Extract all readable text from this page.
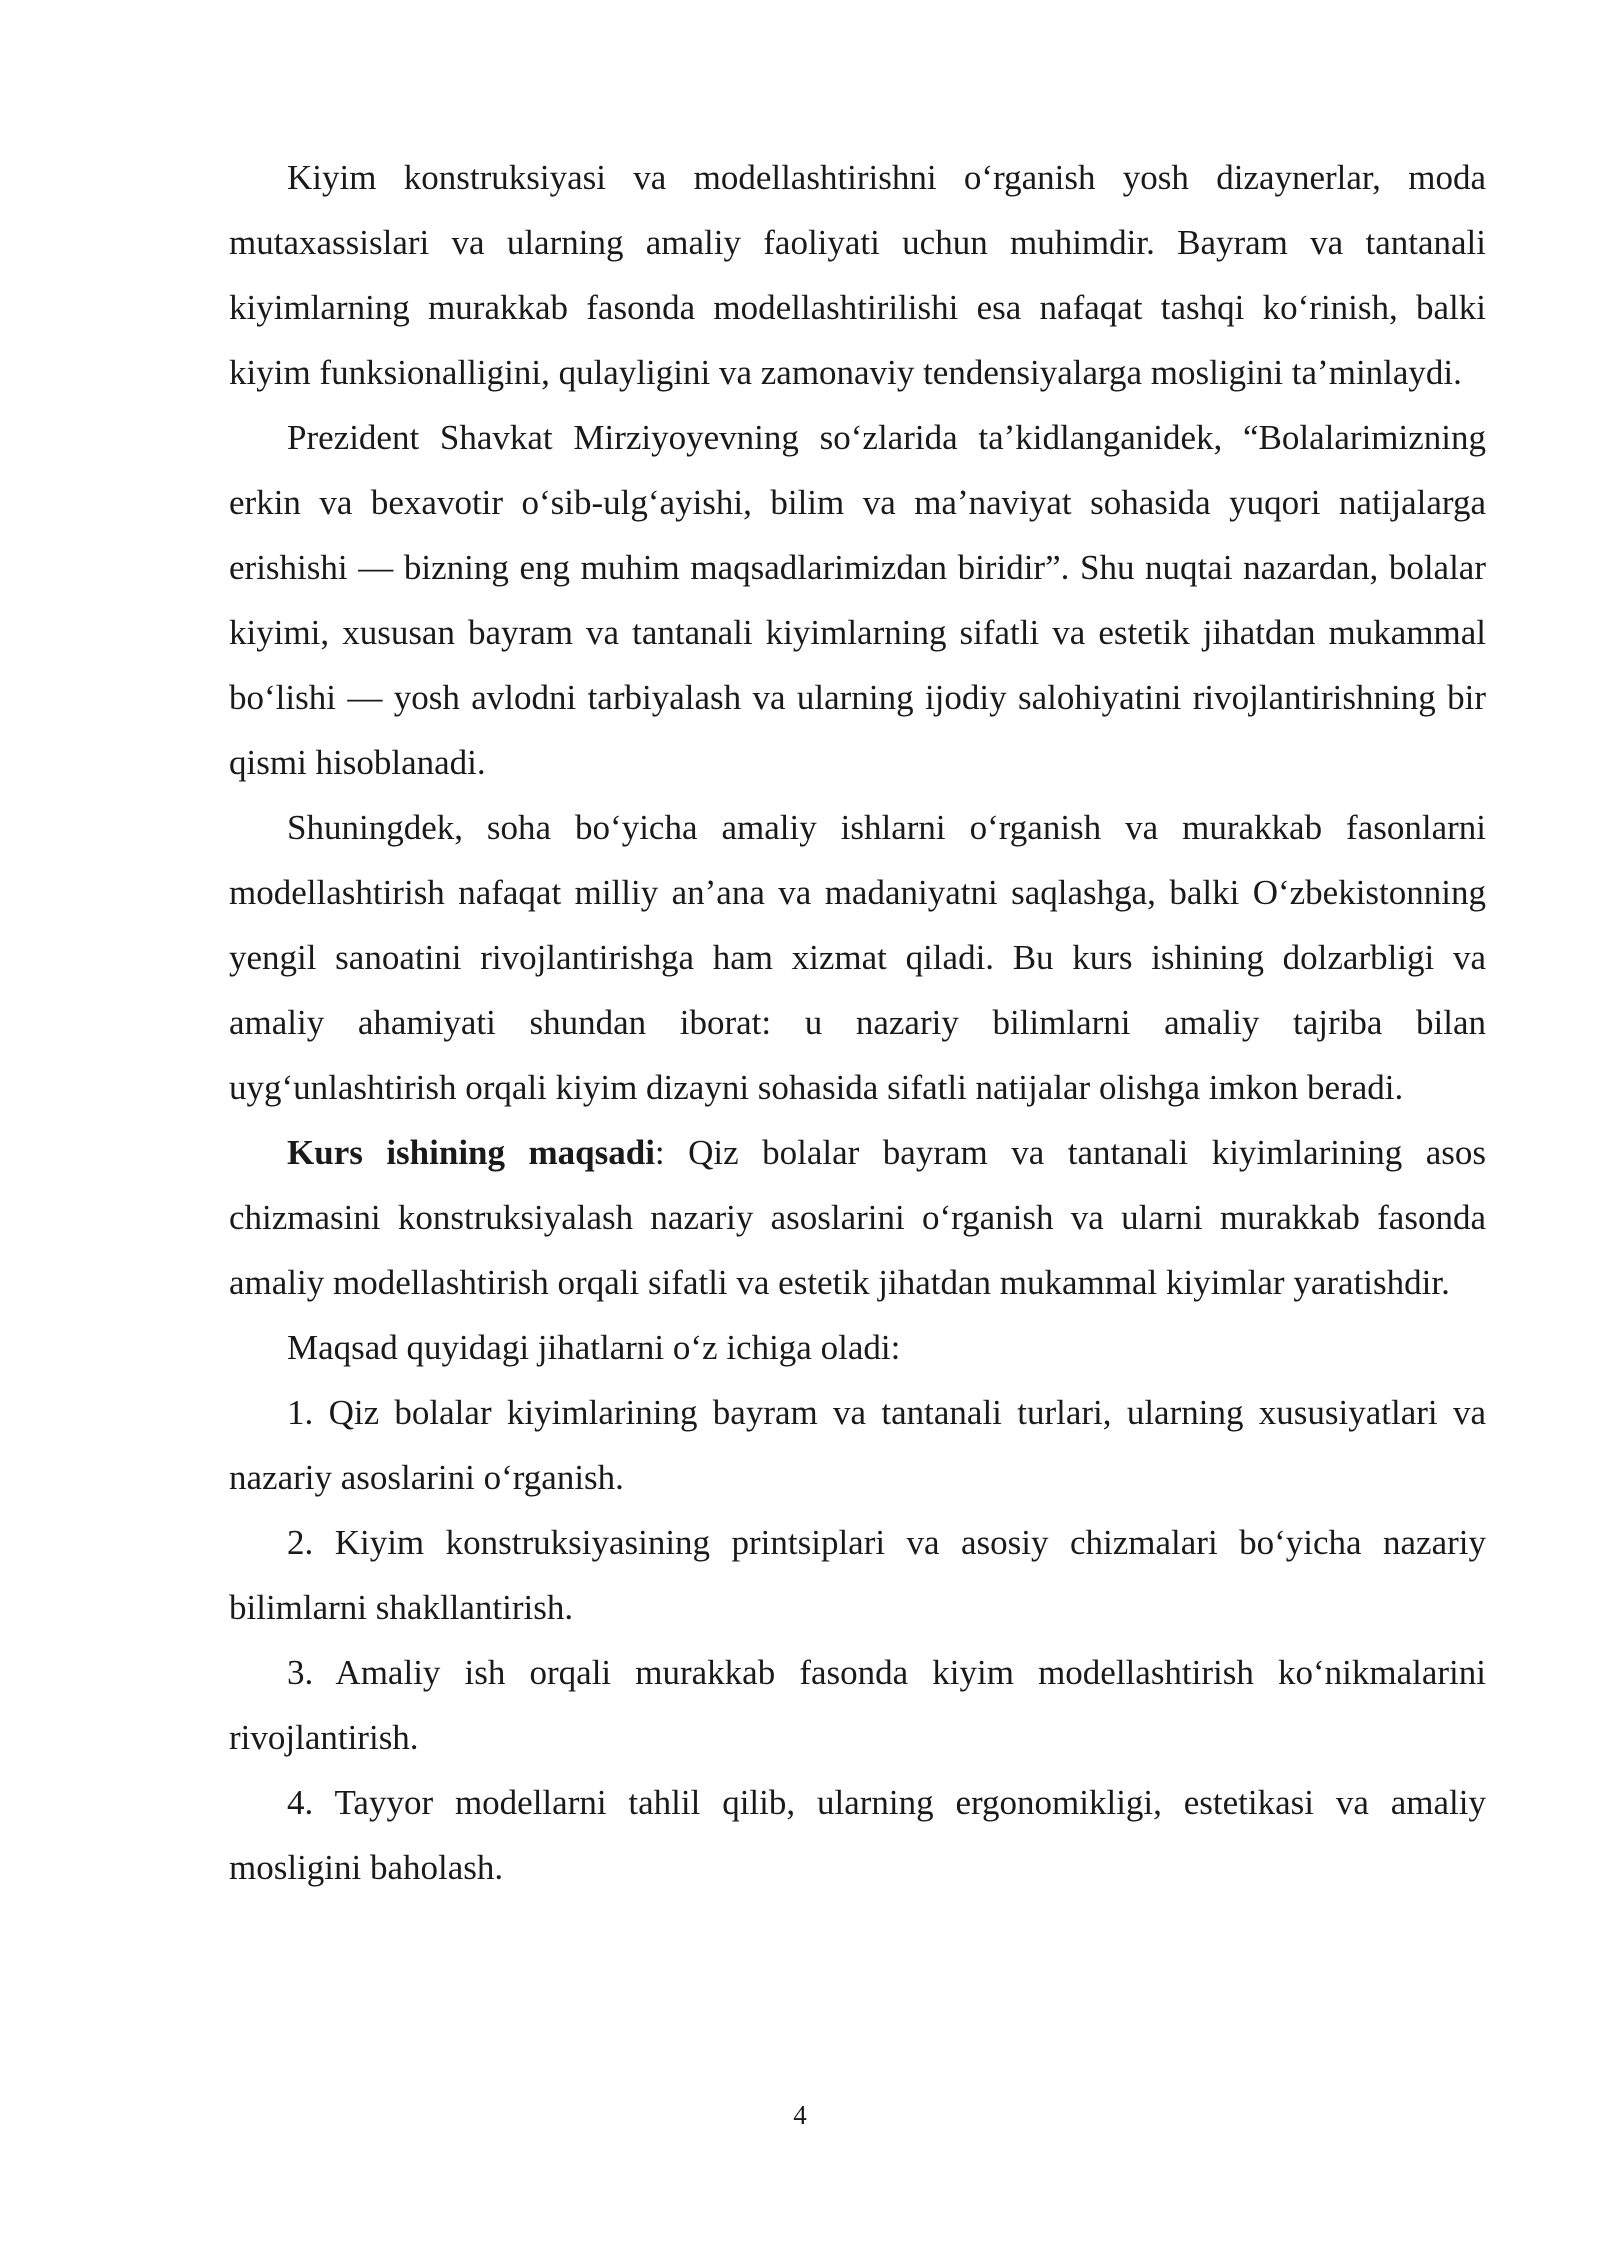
Kiyim konstruksiyasi va modellashtirishni oʻrganish yosh dizaynerlar, moda mutaxassislari va ularning amaliy faoliyati uchun muhimdir. Bayram va tantanali kiyimlarning murakkab fasonda modellashtirilishi esa nafaqat tashqi koʻrinish, balki kiyim funksionalligini, qulayligini va zamonaviy tendensiyalarga mosligini taʼminlaydi.

Prezident Shavkat Mirziyoyevning soʻzlarida taʼkidlanganidek, “Bolalarimizning erkin va bexavotir oʻsib-ulgʻayishi, bilim va maʼnaviyat sohasida yuqori natijalarga erishishi — bizning eng muhim maqsadlarimizdan biridir”. Shu nuqtai nazardan, bolalar kiyimi, xususan bayram va tantanali kiyimlarning sifatli va estetik jihatdan mukammal boʻlishi — yosh avlodni tarbiyalash va ularning ijodiy salohiyatini rivojlantirishning bir qismi hisoblanadi.

Shuningdek, soha boʻyicha amaliy ishlarni oʻrganish va murakkab fasonlarni modellashtirish nafaqat milliy anʼana va madaniyatni saqlashga, balki Oʻzbekistonning yengil sanoatini rivojlantirishga ham xizmat qiladi. Bu kurs ishining dolzarbligi va amaliy ahamiyati shundan iborat: u nazariy bilimlarni amaliy tajriba bilan uygʻunlashtirish orqali kiyim dizayni sohasida sifatli natijalar olishga imkon beradi.

Kurs ishining maqsadi: Qiz bolalar bayram va tantanali kiyimlarining asos chizmasini konstruksiyalash nazariy asoslarini oʻrganish va ularni murakkab fasonda amaliy modellashtirish orqali sifatli va estetik jihatdan mukammal kiyimlar yaratishdir.

Maqsad quyidagi jihatlarni oʻz ichiga oladi:

1. Qiz bolalar kiyimlarining bayram va tantanali turlari, ularning xususiyatlari va nazariy asoslarini oʻrganish.

2. Kiyim konstruksiyasining printsiplari va asosiy chizmalari boʻyicha nazariy bilimlarni shakllantirish.

3. Amaliy ish orqali murakkab fasonda kiyim modellashtirish koʻnikmalarini rivojlantirish.

4. Tayyor modellarni tahlil qilib, ularning ergonomikligi, estetikasi va amaliy mosligini baholash.

4
